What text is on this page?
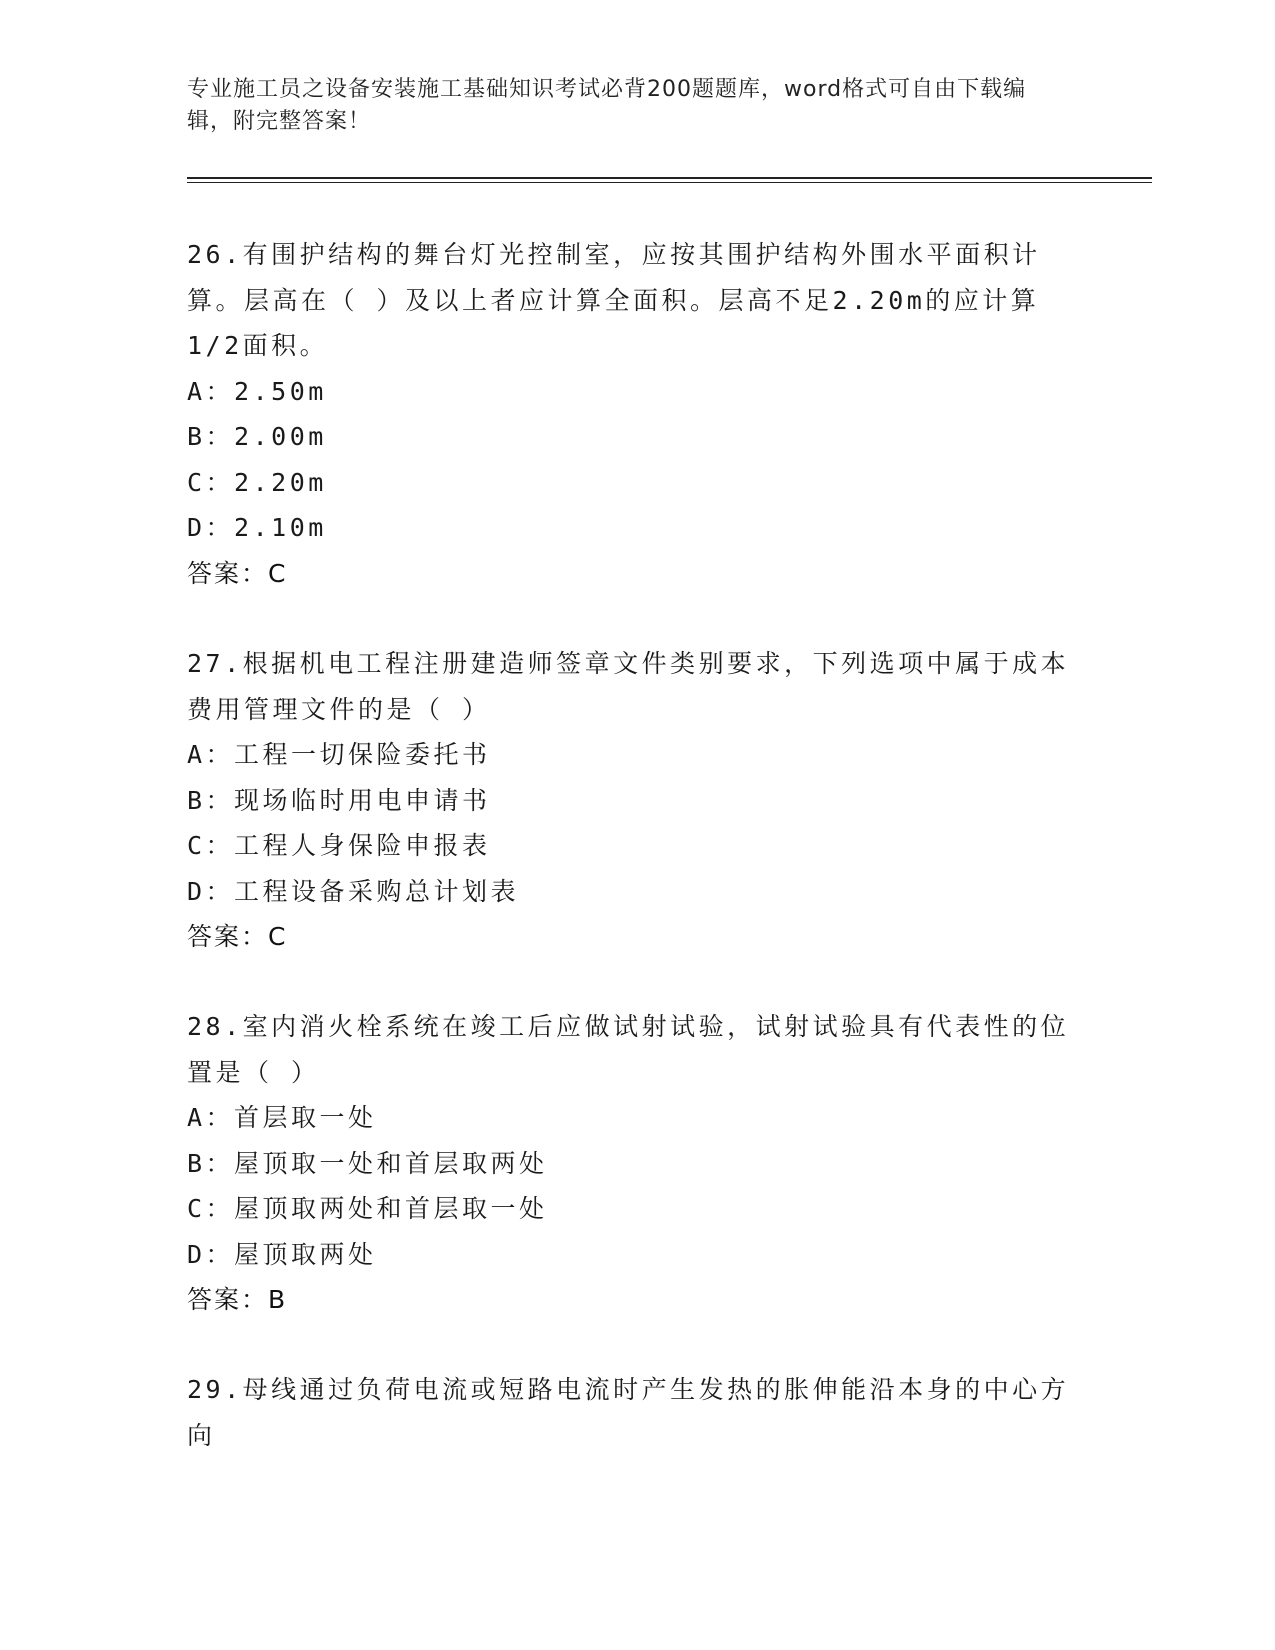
专业施工员之设备安装施工基础知识考试必背200题题库，word格式可自由下载编辑，附完整答案！

26.有围护结构的舞台灯光控制室，应按其围护结构外围水平面积计算。层高在（ ）及以上者应计算全面积。层高不足2.20m的应计算1/2面积。

A：2.50m

B：2.00m

C：2.20m

D：2.10m

答案：C

27.根据机电工程注册建造师签章文件类别要求，下列选项中属于成本费用管理文件的是（ ）

A：工程一切保险委托书

B：现场临时用电申请书

C：工程人身保险申报表

D：工程设备采购总计划表

答案：C

28.室内消火栓系统在竣工后应做试射试验，试射试验具有代表性的位置是（ ）

A：首层取一处

B：屋顶取一处和首层取两处

C：屋顶取两处和首层取一处

D：屋顶取两处

答案：B

29.母线通过负荷电流或短路电流时产生发热的胀伸能沿本身的中心方向
